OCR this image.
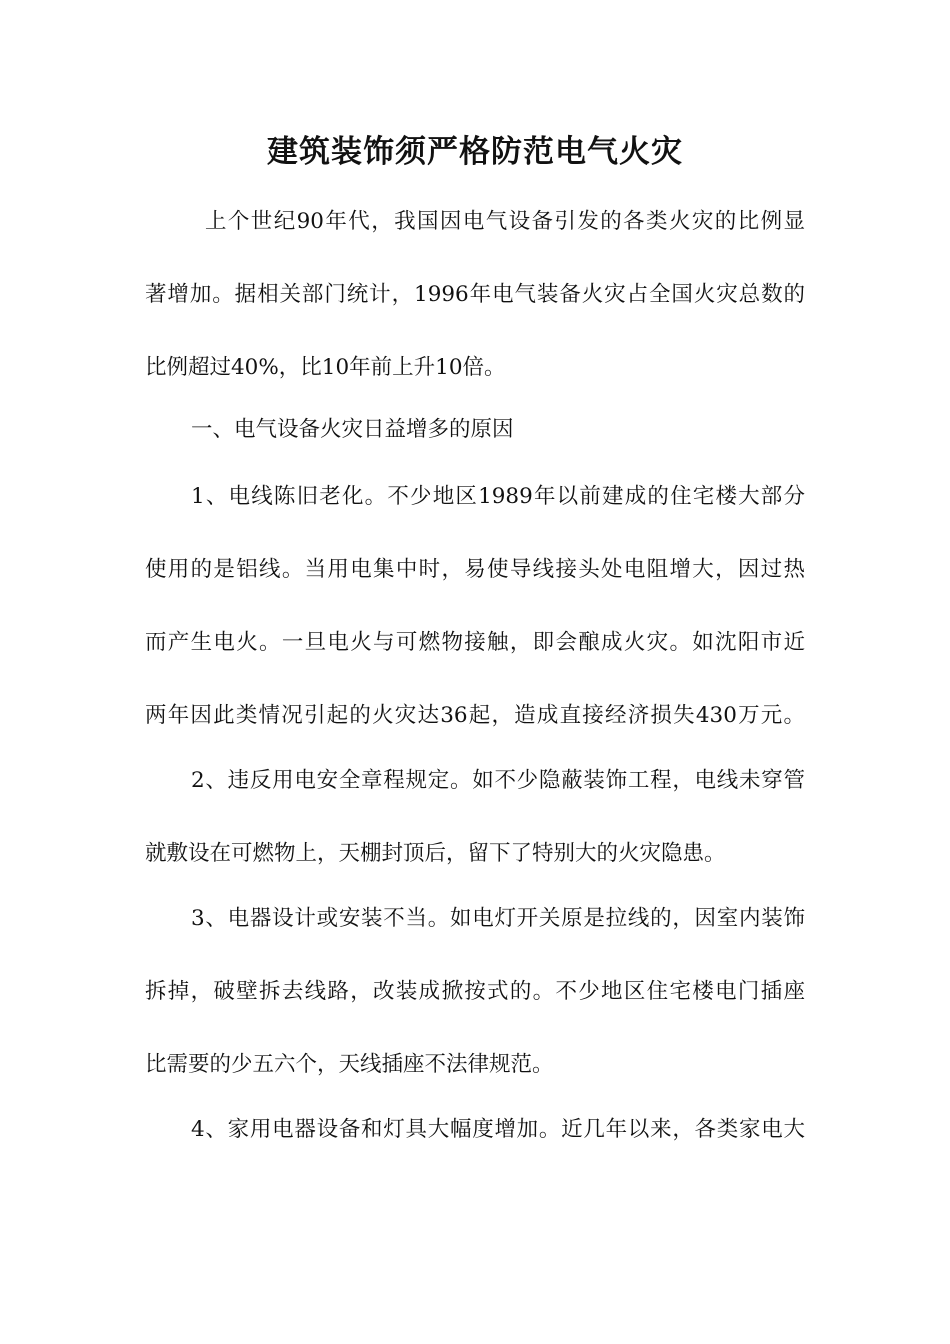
建筑装饰须严格防范电气火灾
上个世纪90年代，我国因电气设备引发的各类火灾的比例显
著增加。据相关部门统计，1996年电气装备火灾占全国火灾总数的
比例超过40%，比10年前上升10倍。
一、电气设备火灾日益增多的原因
1、电线陈旧老化。不少地区1989年以前建成的住宅楼大部分
使用的是铝线。当用电集中时，易使导线接头处电阻增大，因过热
而产生电火。一旦电火与可燃物接触，即会酿成火灾。如沈阳市近
两年因此类情况引起的火灾达36起，造成直接经济损失430万元。
2、违反用电安全章程规定。如不少隐蔽装饰工程，电线未穿管
就敷设在可燃物上，天棚封顶后，留下了特别大的火灾隐患。
3、电器设计或安装不当。如电灯开关原是拉线的，因室内装饰
拆掉，破壁拆去线路，改装成掀按式的。不少地区住宅楼电门插座
比需要的少五六个，天线插座不法律规范。
4、家用电器设备和灯具大幅度增加。近几年以来，各类家电大
